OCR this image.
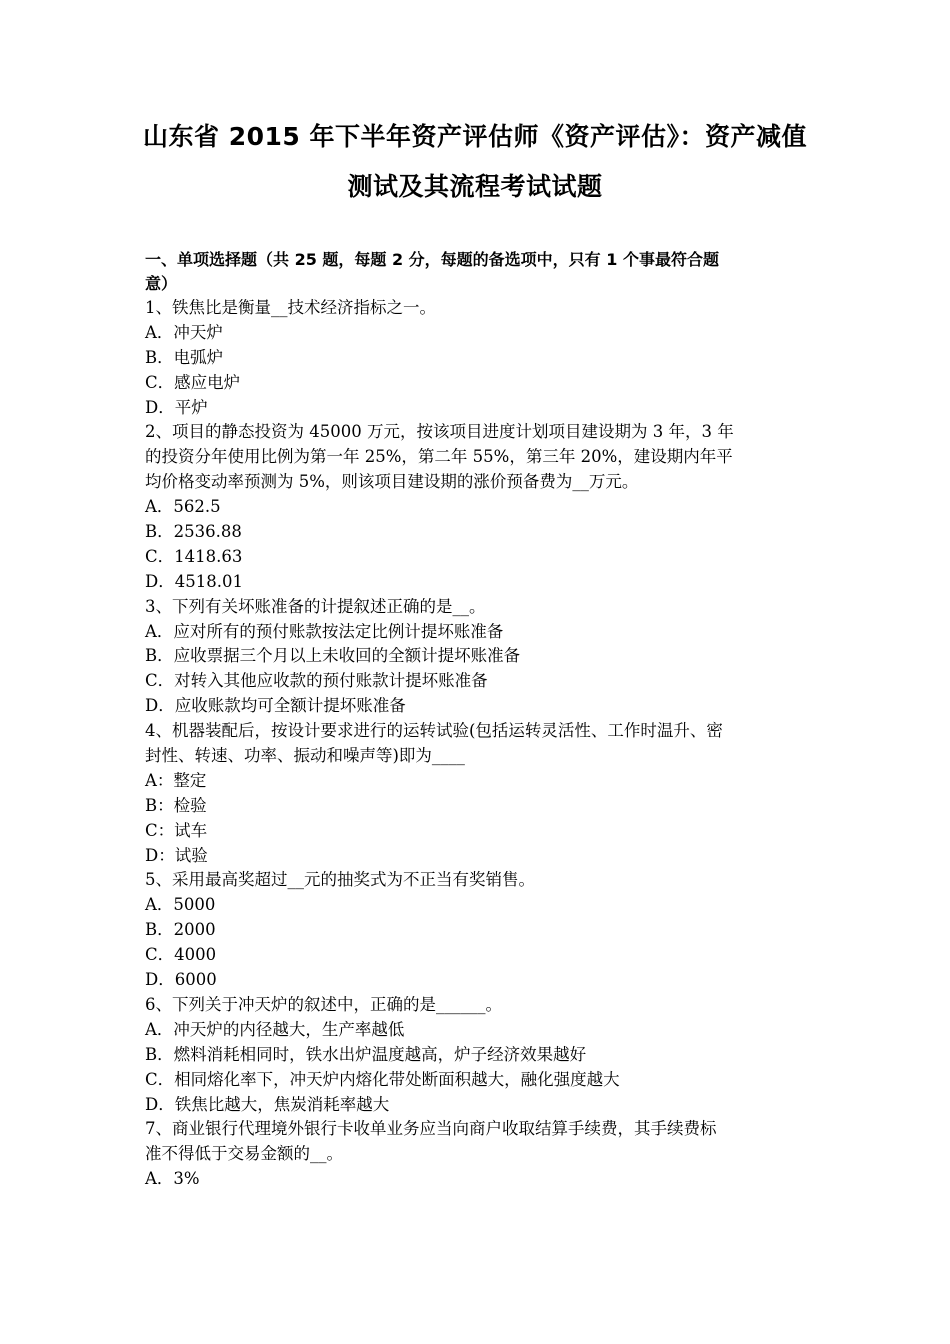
山东省 2015 年下半年资产评估师《资产评估》：资产减值
测试及其流程考试试题
一、单项选择题（共 25 题，每题 2 分，每题的备选项中，只有 1 个事最符合题
意）
1、铁焦比是衡量__技术经济指标之一。
A．冲天炉
B．电弧炉
C．感应电炉
D．平炉
2、项目的静态投资为 45000 万元，按该项目进度计划项目建设期为 3 年，3 年
的投资分年使用比例为第一年 25%，第二年 55%，第三年 20%，建设期内年平
均价格变动率预测为 5%，则该项目建设期的涨价预备费为__万元。
A．562.5
B．2536.88
C．1418.63
D．4518.01
3、下列有关坏账准备的计提叙述正确的是__。
A．应对所有的预付账款按法定比例计提坏账准备
B．应收票据三个月以上未收回的全额计提坏账准备
C．对转入其他应收款的预付账款计提坏账准备
D．应收账款均可全额计提坏账准备
4、机器装配后，按设计要求进行的运转试验(包括运转灵活性、工作时温升、密
封性、转速、功率、振动和噪声等)即为____
A：整定
B：检验
C：试车
D：试验
5、采用最高奖超过__元的抽奖式为不正当有奖销售。
A．5000
B．2000
C．4000
D．6000
6、下列关于冲天炉的叙述中，正确的是______。
A．冲天炉的内径越大，生产率越低
B．燃料消耗相同时，铁水出炉温度越高，炉子经济效果越好
C．相同熔化率下，冲天炉内熔化带处断面积越大，融化强度越大
D．铁焦比越大，焦炭消耗率越大
7、商业银行代理境外银行卡收单业务应当向商户收取结算手续费，其手续费标
准不得低于交易金额的__。
A．3%
